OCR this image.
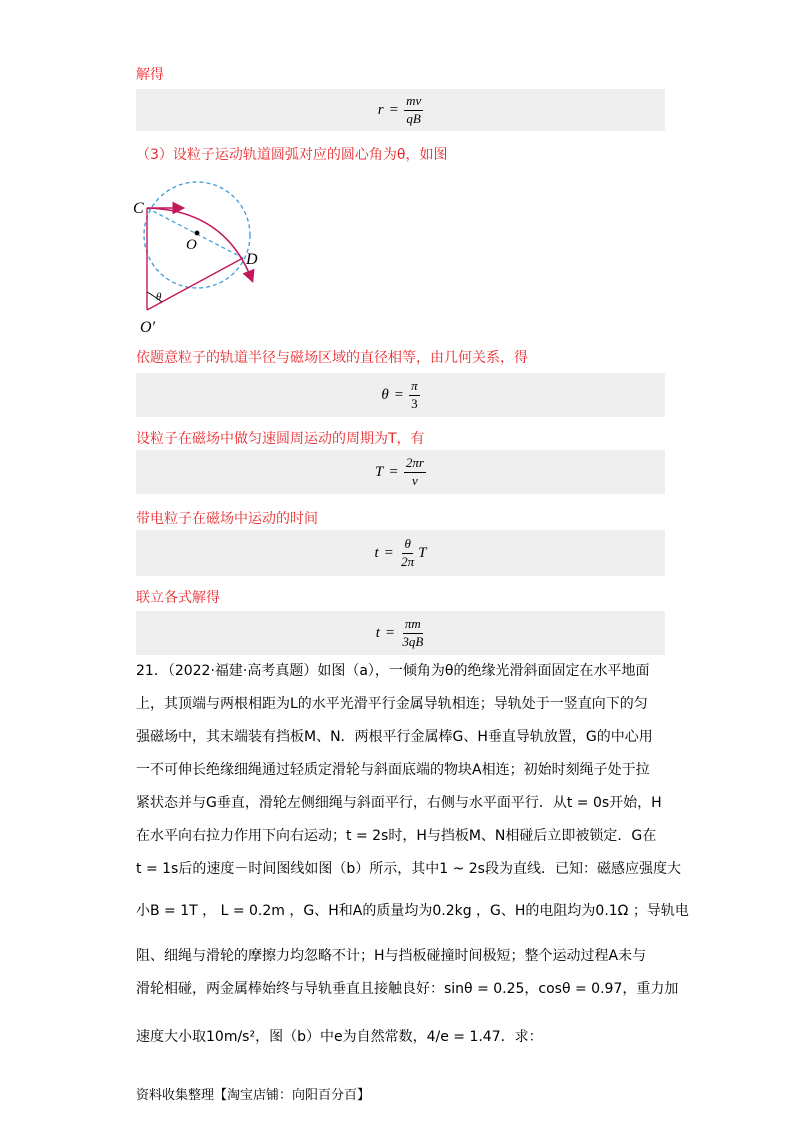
解得
$r = \frac{mv}{qB}$
（3）设粒子运动轨道圆弧对应的圆心角为θ，如图
C
O
D
O′
θ
依题意粒子的轨道半径与磁场区域的直径相等，由几何关系，得
$\theta = \frac{\pi}{3}$
设粒子在磁场中做匀速圆周运动的周期为T，有
$T = \frac{2\pi r}{v}$
带电粒子在磁场中运动的时间
$t = \frac{\theta}{2\pi}$ T
联立各式解得
$t = \frac{\pi m}{3qB}$
21．（2022·福建·高考真题）如图（a），一倾角为θ的绝缘光滑斜面固定在水平地面
上，其顶端与两根相距为L的水平光滑平行金属导轨相连；导轨处于一竖直向下的匀
强磁场中，其末端装有挡板M、N．两根平行金属棒G、H垂直导轨放置，G的中心用
一不可伸长绝缘细绳通过轻质定滑轮与斜面底端的物块A相连；初始时刻绳子处于拉
紧状态并与G垂直，滑轮左侧细绳与斜面平行，右侧与水平面平行．从t = 0s开始，H
在水平向右拉力作用下向右运动；t = 2s时，H与挡板M、N相碰后立即被锁定．G在
t = 1s后的速度－时间图线如图（b）所示，其中1 ~ 2s段为直线．已知：磁感应强度大
小B = 1T ， L = 0.2m ，G、H和A的质量均为0.2kg ，G、H的电阻均为0.1Ω ；导轨电
阻、细绳与滑轮的摩擦力均忽略不计；H与挡板碰撞时间极短；整个运动过程A未与
滑轮相碰，两金属棒始终与导轨垂直且接触良好：sinθ = 0.25，cosθ = 0.97，重力加
速度大小取10m/s²，图（b）中e为自然常数，4/e = 1.47．求：
资料收集整理【淘宝店铺：向阳百分百】
